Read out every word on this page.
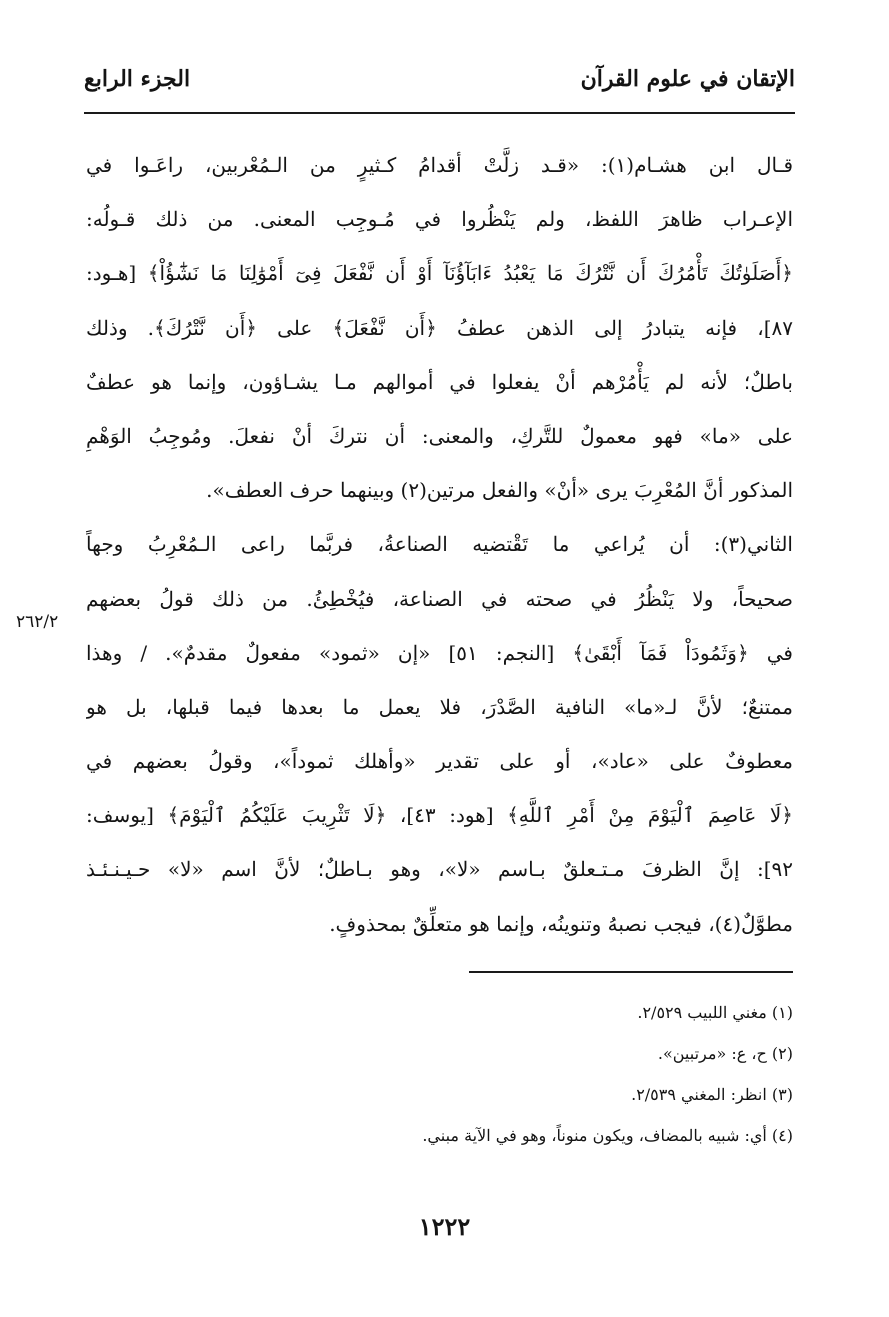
الإتقان في علوم القرآن
الجزء الرابع
قـال ابن هشـام(١): «قـد زلَّتْ أقدامُ كـثيرٍ من الـمُعْربين، راعَـوا في
الإعـراب ظاهرَ اللفظ، ولم يَنْظُروا في مُـوجِب المعنى. من ذلك قـولُه:
﴿أَصَلَوٰتُكَ تَأْمُرُكَ أَن نَّتْرُكَ مَا يَعْبُدُ ءَابَآؤُنَآ أَوْ أَن نَّفْعَلَ فِىٓ أَمْوَٰلِنَا مَا نَشَٰٓؤُاْ﴾ [هـود:
٨٧]، فإنه يتبادرُ إلى الذهن عطفُ ﴿أَن نَّفْعَلَ﴾ على ﴿أَن نَّتْرُكَ﴾. وذلك
باطلٌ؛ لأنه لم يَأْمُرْهم أنْ يفعلوا في أموالهم مـا يشـاؤون، وإنما هو عطفٌ
على «ما» فهو معمولٌ للتَّركِ، والمعنى: أن نتركَ أنْ نفعلَ. ومُوجِبُ الوَهْمِ
المذكور أنَّ المُعْرِبَ يرى «أنْ» والفعل مرتين(٢) وبينهما حرف العطف».
الثاني(٣): أن يُراعي ما تَقْتضيه الصناعةُ، فربَّما راعى الـمُعْرِبُ وجهاً
صحيحاً، ولا يَنْظُرُ في صحته في الصناعة، فيُخْطِئُ. من ذلك قولُ بعضهم
في ﴿وَثَمُودَاْ فَمَآ أَبْقَىٰ﴾ [النجم: ٥١] «إن «ثمود» مفعولٌ مقدمٌ». / وهذا
ممتنعٌ؛ لأنَّ لـ«ما» النافية الصَّدْرَ، فلا يعمل ما بعدها فيما قبلها، بل هو
معطوفٌ على «عاد»، أو على تقدير «وأهلك ثموداً»، وقولُ بعضهم في
﴿لَا عَاصِمَ ٱلْيَوْمَ مِنْ أَمْرِ ٱللَّهِ﴾ [هود: ٤٣]، ﴿لَا تَثْرِيبَ عَلَيْكُمُ ٱلْيَوْمَ﴾ [يوسف:
٩٢]: إنَّ الظرفَ مـتـعلقٌ بـاسم «لا»، وهو بـاطلٌ؛ لأنَّ اسم «لا» حـيـنـئـذ
مطوَّلٌ(٤)، فيجب نصبهُ وتنوينُه، وإنما هو متعلِّقٌ بمحذوفٍ.
٢٦٢/٢
(١) مغني اللبيب ٢/٥٢٩.
(٢) ح، ع: «مرتبين».
(٣) انظر: المغني ٢/٥٣٩.
(٤) أي: شبيه بالمضاف، ويكون منوناً، وهو في الآية مبني.
١٢٢٢
